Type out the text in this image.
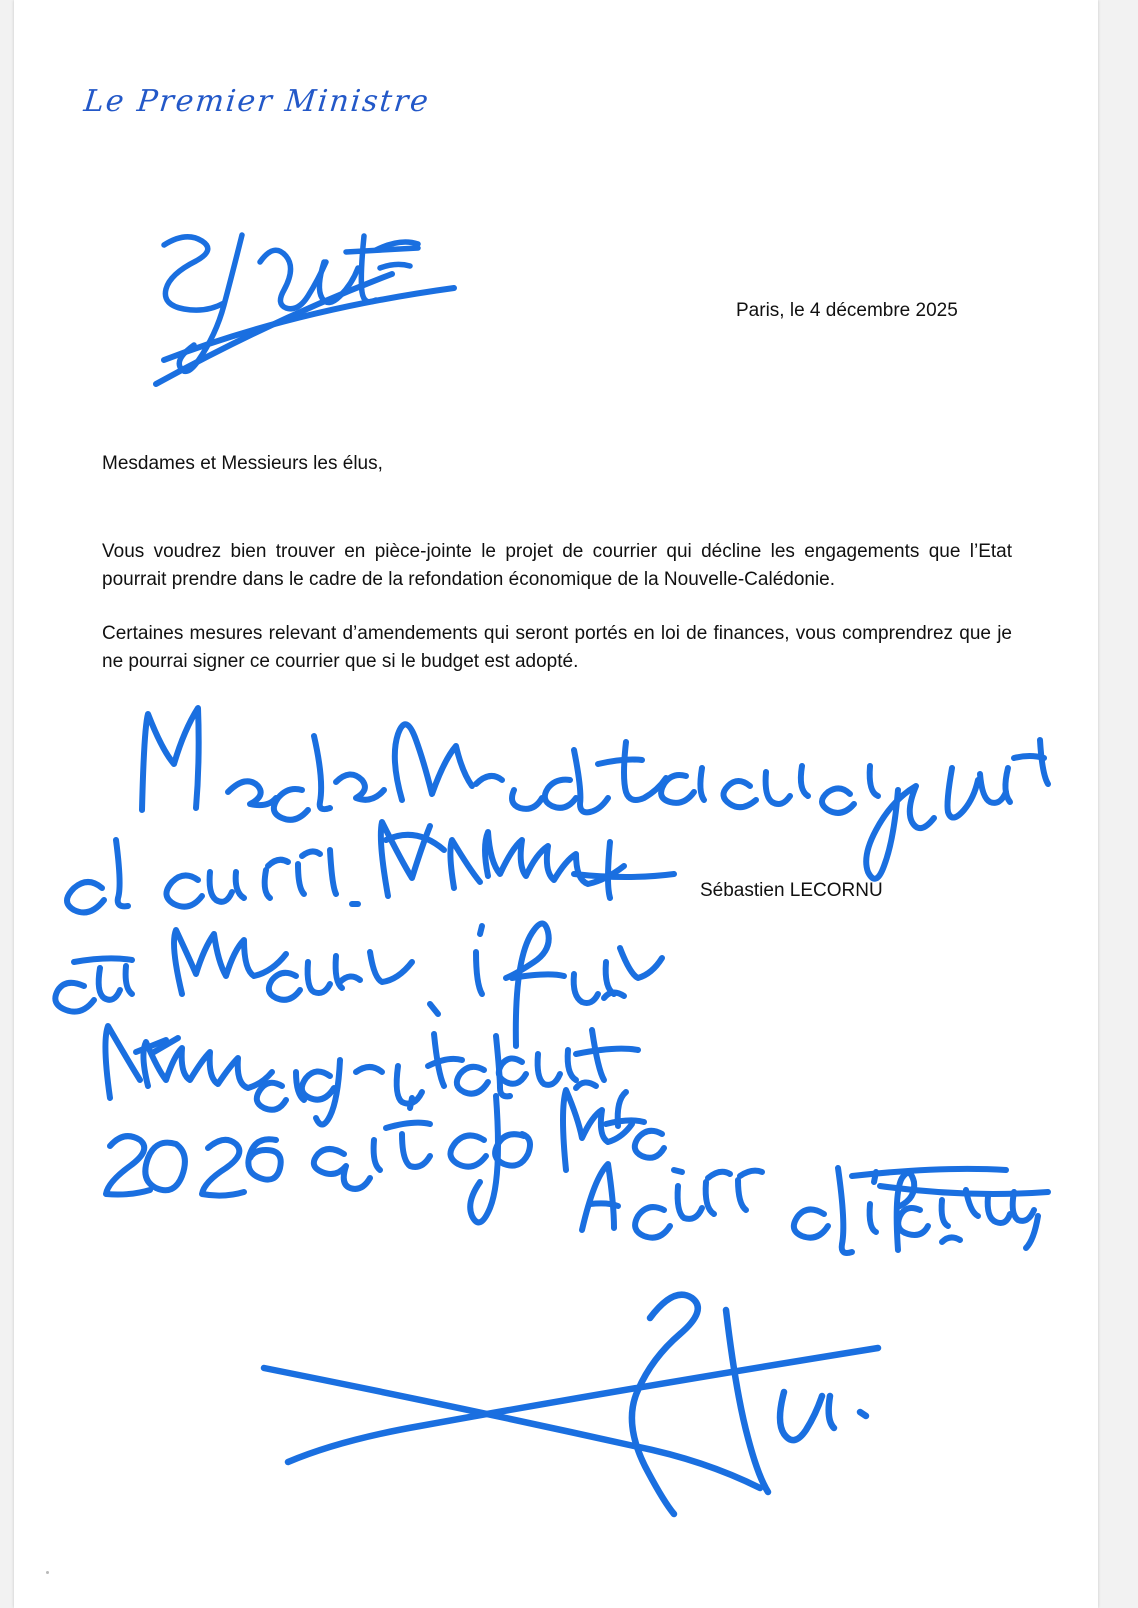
Le Premier Ministre
Paris, le 4 décembre 2025
Mesdames et Messieurs les élus,
Vous voudrez bien trouver en pièce-jointe le projet de courrier qui décline les engagements que l’Etat pourrait prendre dans le cadre de la refondation économique de la Nouvelle-Calédonie.
Certaines mesures relevant d’amendements qui seront portés en loi de finances, vous comprendrez que je ne pourrai signer ce courrier que si le budget est adopté.
Sébastien LECORNU
